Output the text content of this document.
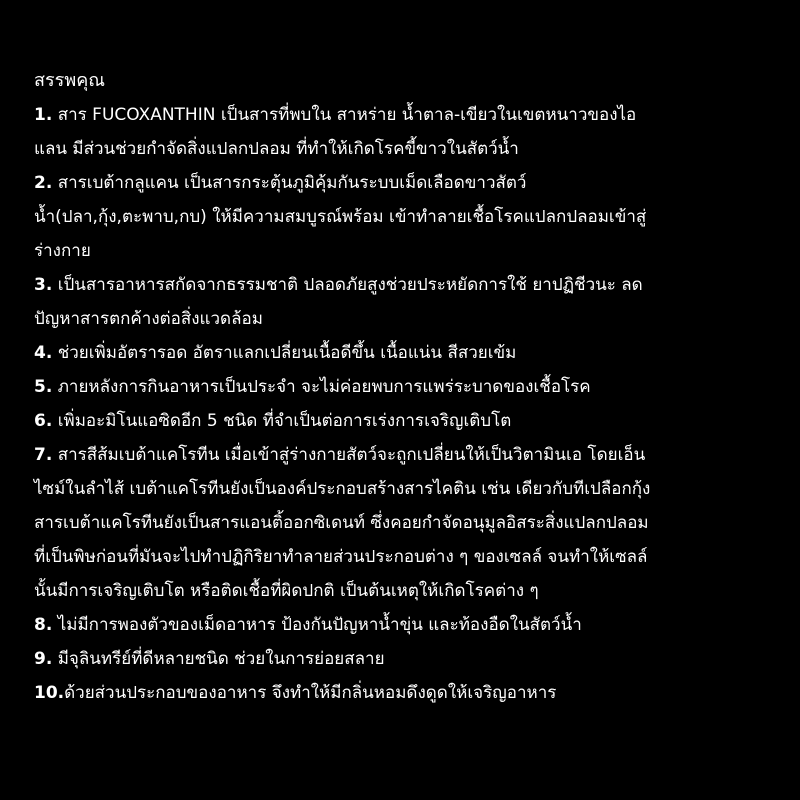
สรรพคุณ

1. สาร FUCOXANTHIN เป็นสารที่พบใน สาหร่าย น้ำตาล-เขียวในเขตหนาวของไอ

แลน มีส่วนช่วยกำจัดสิ่งแปลกปลอม ที่ทำให้เกิดโรคขี้ขาวในสัตว์น้ำ

2. สารเบต้ากลูแคน เป็นสารกระตุ้นภูมิคุ้มกันระบบเม็ดเลือดขาวสัตว์

น้ำ(ปลา,กุ้ง,ตะพาบ,กบ) ให้มีความสมบูรณ์พร้อม เข้าทำลายเชื้อโรคแปลกปลอมเข้าสู่

ร่างกาย

3. เป็นสารอาหารสกัดจากธรรมชาติ ปลอดภัยสูงช่วยประหยัดการใช้ ยาปฏิชีวนะ ลด

ปัญหาสารตกค้างต่อสิ่งแวดล้อม

4. ช่วยเพิ่มอัตรารอด อัตราแลกเปลี่ยนเนื้อดีขึ้น เนื้อแน่น สีสวยเข้ม

5. ภายหลังการกินอาหารเป็นประจำ จะไม่ค่อยพบการแพร่ระบาดของเชื้อโรค

6. เพิ่มอะมิโนแอซิดอีก 5 ชนิด ที่จำเป็นต่อการเร่งการเจริญเติบโต

7. สารสีส้มเบต้าแคโรทีน เมื่อเข้าสู่ร่างกายสัตว์จะถูกเปลี่ยนให้เป็นวิตามินเอ โดยเอ็น

ไซม์ในลำไส้ เบต้าแคโรทีนยังเป็นองค์ประกอบสร้างสารไคติน เช่น เดียวกับทีเปลือกกุ้ง

สารเบต้าแคโรทีนยังเป็นสารแอนติ้ออกซิเดนท์ ซึ่งคอยกำจัดอนุมูลอิสระสิ่งแปลกปลอม

ที่เป็นพิษก่อนที่มันจะไปทำปฏิกิริยาทำลายส่วนประกอบต่าง ๆ ของเซลล์ จนทำให้เซลล์

นั้นมีการเจริญเติบโต หรือติดเชื้อที่ผิดปกติ เป็นต้นเหตุให้เกิดโรคต่าง ๆ

8. ไม่มีการพองตัวของเม็ดอาหาร ป้องกันปัญหาน้ำขุ่น และท้องอืดในสัตว์น้ำ

9. มีจุลินทรีย์ที่ดีหลายชนิด ช่วยในการย่อยสลาย

10.ด้วยส่วนประกอบของอาหาร จึงทำให้มีกลิ่นหอมดึงดูดให้เจริญอาหาร
